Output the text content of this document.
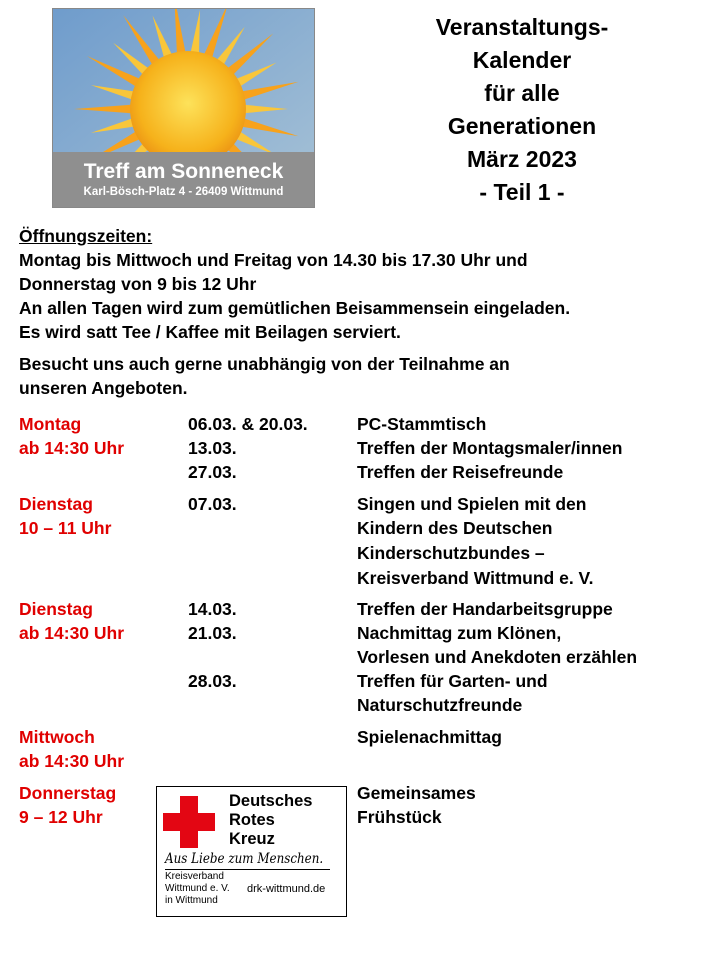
Treff am Sonneneck
Karl-Bösch-Platz 4 - 26409 Wittmund
Veranstaltungs-
Kalender
für alle
Generationen
März 2023
- Teil 1 -
Öffnungszeiten:
Montag bis Mittwoch und Freitag von 14.30 bis 17.30 Uhr und
Donnerstag von 9 bis 12 Uhr
An allen Tagen wird zum gemütlichen Beisammensein eingeladen.
Es wird satt Tee / Kaffee mit Beilagen serviert.
Besucht uns auch gerne unabhängig von der Teilnahme an
unseren Angeboten.
Montag
ab 14:30 Uhr
06.03. & 20.03.
13.03.
27.03.
PC-Stammtisch
Treffen der Montagsmaler/innen
Treffen der Reisefreunde
Dienstag
10 – 11 Uhr
07.03.	Singen und Spielen mit den
Kindern des Deutschen
Kinderschutzbundes –
Kreisverband Wittmund e. V.
Dienstag
ab 14:30 Uhr
14.03.
21.03.
28.03.
Treffen der Handarbeitsgruppe
Nachmittag zum Klönen,
Vorlesen und Anekdoten erzählen
Treffen für Garten- und
Naturschutzfreunde
Mittwoch
ab 14:30 Uhr
Spielenachmittag
Donnerstag
9 – 12 Uhr
Gemeinsames
Frühstück
Deutsches
Rotes
Kreuz
Aus Liebe zum Menschen.
Kreisverband
Wittmund e. V.
in Wittmund
drk-wittmund.de
